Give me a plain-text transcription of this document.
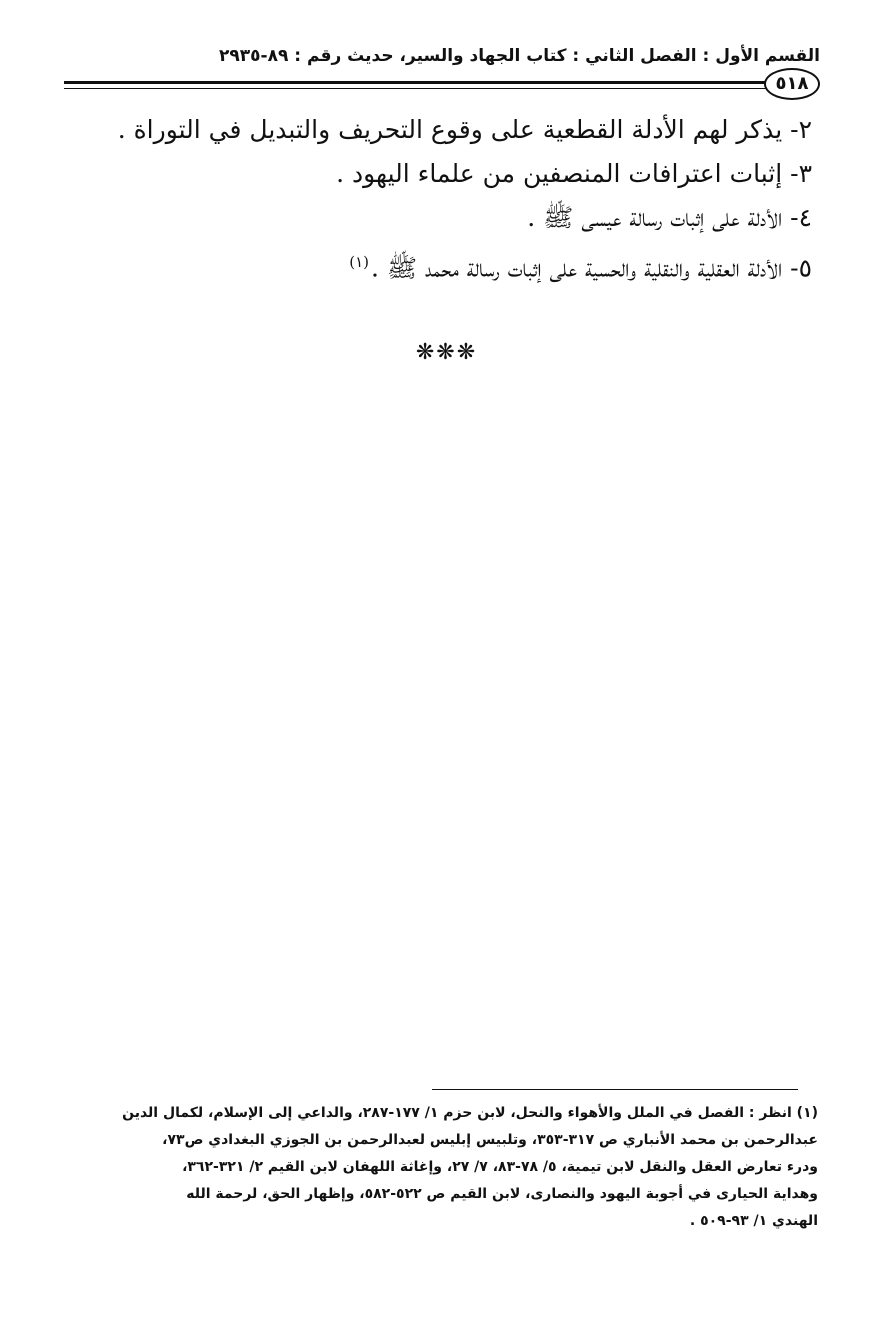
القسم الأول : الفصل الثاني : كتاب الجهاد والسير، حديث رقم : ٨٩-٢٩٣٥
٥١٨
٢- يذكر لهم الأدلة القطعية على وقوع التحريف والتبديل في التوراة .
٣- إثبات اعترافات المنصفين من علماء اليهود .
٤- الأدلة على إثبات رسالة عيسى ﷺ .
٥- الأدلة العقلية والنقلية والحسية على إثبات رسالة محمد ﷺ .$^{(١)}$
❋❋❋
(١) انظر : الفصل في الملل والأهواء والنحل، لابن حزم ١/ ١٧٧-٢٨٧، والداعي إلى الإسلام، لكمال الدين
عبدالرحمن بن محمد الأنباري ص ٣١٧-٣٥٣، وتلبيس إبليس لعبدالرحمن بن الجوزي البغدادي ص٧٣،
ودرء تعارض العقل والنقل لابن تيمية، ٥/ ٧٨-٨٣، ٧/ ٢٧، وإغاثة اللهفان لابن القيم ٢/ ٣٢١-٣٦٢،
وهداية الحيارى في أجوبة اليهود والنصارى، لابن القيم ص ٥٢٢-٥٨٢، وإظهار الحق، لرحمة الله
الهندي ١/ ٩٣-٥٠٩ .
